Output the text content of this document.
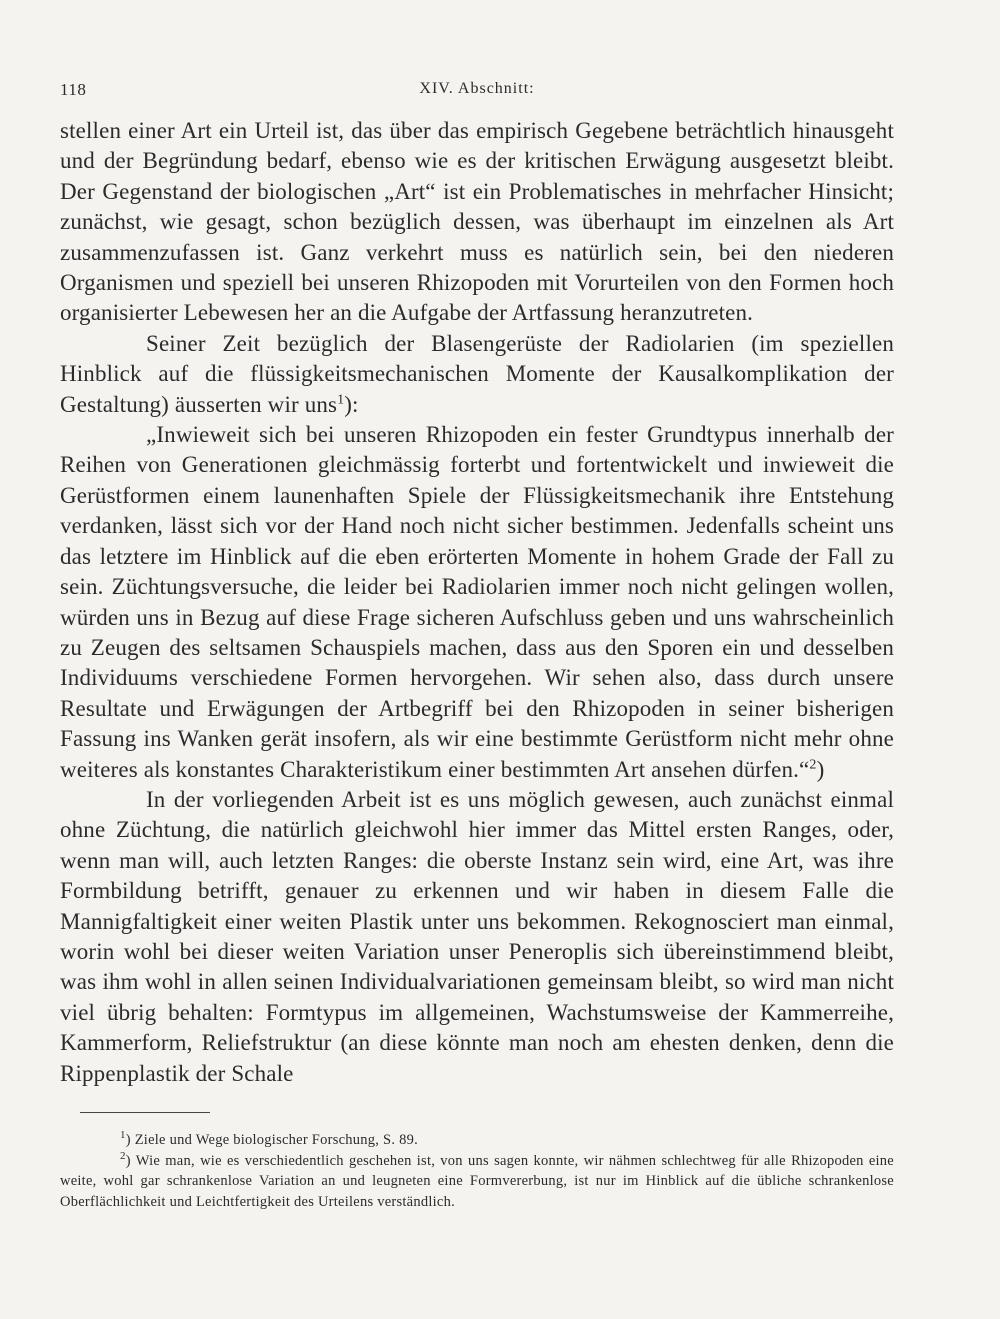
118	XIV. Abschnitt:

stellen einer Art ein Urteil ist, das über das empirisch Gegebene beträchtlich hinausgeht und der Begründung bedarf, ebenso wie es der kritischen Erwägung ausgesetzt bleibt. Der Gegenstand der biologischen „Art“ ist ein Problematisches in mehrfacher Hinsicht; zunächst, wie gesagt, schon bezüglich dessen, was überhaupt im einzelnen als Art zusammenzufassen ist. Ganz verkehrt muss es natürlich sein, bei den niederen Organismen und speziell bei unseren Rhizopoden mit Vorurteilen von den Formen hoch organisierter Lebewesen her an die Aufgabe der Artfassung heranzutreten.

Seiner Zeit bezüglich der Blasengerüste der Radiolarien (im speziellen Hinblick auf die flüssigkeitsmechanischen Momente der Kausalkomplikation der Gestaltung) äusserten wir uns$^1$):

„Inwieweit sich bei unseren Rhizopoden ein fester Grundtypus innerhalb der Reihen von Generationen gleichmässig forterbt und fortentwickelt und inwieweit die Gerüstformen einem launenhaften Spiele der Flüssigkeitsmechanik ihre Entstehung verdanken, lässt sich vor der Hand noch nicht sicher bestimmen. Jedenfalls scheint uns das letztere im Hinblick auf die eben erörterten Momente in hohem Grade der Fall zu sein. Züchtungsversuche, die leider bei Radiolarien immer noch nicht gelingen wollen, würden uns in Bezug auf diese Frage sicheren Aufschluss geben und uns wahrscheinlich zu Zeugen des seltsamen Schauspiels machen, dass aus den Sporen ein und desselben Individuums verschiedene Formen hervorgehen. Wir sehen also, dass durch unsere Resultate und Erwägungen der Artbegriff bei den Rhizopoden in seiner bisherigen Fassung ins Wanken gerät insofern, als wir eine bestimmte Gerüstform nicht mehr ohne weiteres als konstantes Charakteristikum einer bestimmten Art ansehen dürfen.“$^2$)

In der vorliegenden Arbeit ist es uns möglich gewesen, auch zunächst einmal ohne Züchtung, die natürlich gleichwohl hier immer das Mittel ersten Ranges, oder, wenn man will, auch letzten Ranges: die oberste Instanz sein wird, eine Art, was ihre Formbildung betrifft, genauer zu erkennen und wir haben in diesem Falle die Mannigfaltigkeit einer weiten Plastik unter uns bekommen. Rekognosciert man einmal, worin wohl bei dieser weiten Variation unser Peneroplis sich übereinstimmend bleibt, was ihm wohl in allen seinen Individualvariationen gemeinsam bleibt, so wird man nicht viel übrig behalten: Formtypus im allgemeinen, Wachstumsweise der Kammerreihe, Kammerform, Reliefstruktur (an diese könnte man noch am ehesten denken, denn die Rippenplastik der Schale

$^1$) Ziele und Wege biologischer Forschung, S. 89.

$^2$) Wie man, wie es verschiedentlich geschehen ist, von uns sagen konnte, wir nähmen schlechtweg für alle Rhizopoden eine weite, wohl gar schrankenlose Variation an und leugneten eine Formvererbung, ist nur im Hinblick auf die übliche schrankenlose Oberflächlichkeit und Leichtfertigkeit des Urteilens verständlich.
